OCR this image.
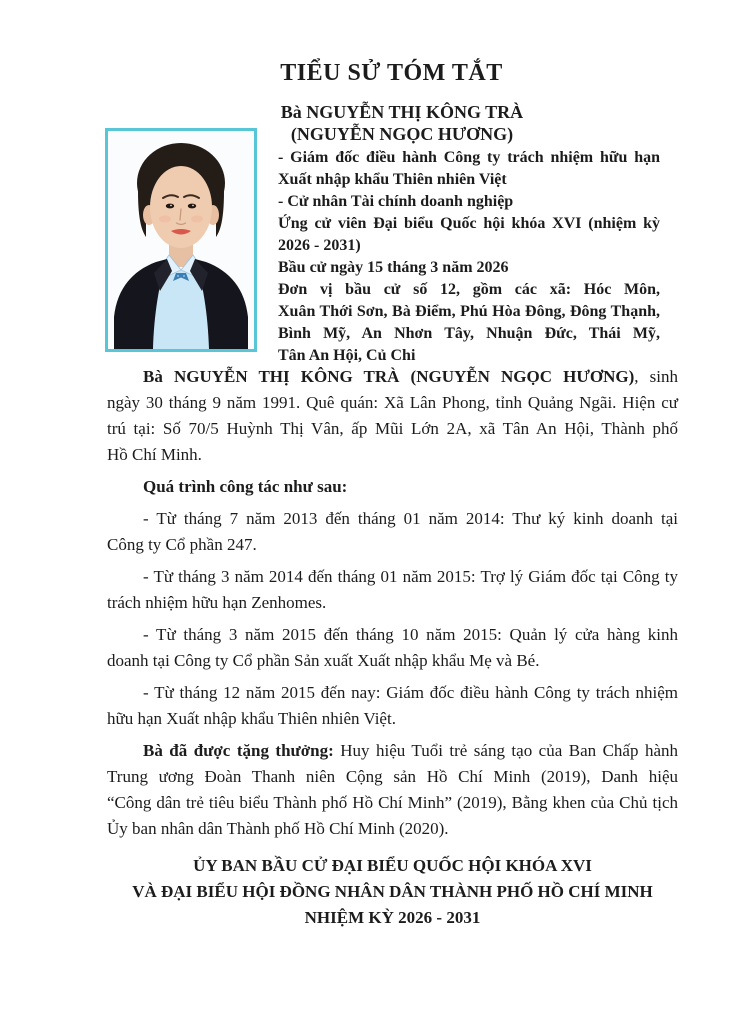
TIỂU SỬ TÓM TẮT
Bà NGUYỄN THỊ KÔNG TRÀ
(NGUYỄN NGỌC HƯƠNG)
- Giám đốc điều hành Công ty trách nhiệm hữu hạn
Xuất nhập khẩu Thiên nhiên Việt
- Cử nhân Tài chính doanh nghiệp
Ứng cử viên Đại biểu Quốc hội khóa XVI (nhiệm kỳ
2026 - 2031)
Bầu cử ngày 15 tháng 3 năm 2026
Đơn vị bầu cử số 12, gồm các xã: Hóc Môn,
Xuân Thới Sơn, Bà Điểm, Phú Hòa Đông, Đông Thạnh,
Bình Mỹ, An Nhơn Tây, Nhuận Đức, Thái Mỹ,
Tân An Hội, Củ Chi
Bà NGUYỄN THỊ KÔNG TRÀ (NGUYỄN NGỌC HƯƠNG), sinh
ngày 30 tháng 9 năm 1991. Quê quán: Xã Lân Phong, tỉnh Quảng Ngãi. Hiện cư
trú tại: Số 70/5 Huỳnh Thị Vân, ấp Mũi Lớn 2A, xã Tân An Hội, Thành phố
Hồ Chí Minh.
Quá trình công tác như sau:
- Từ tháng 7 năm 2013 đến tháng 01 năm 2014: Thư ký kinh doanh tại
Công ty Cổ phần 247.
- Từ tháng 3 năm 2014 đến tháng 01 năm 2015: Trợ lý Giám đốc tại Công ty
trách nhiệm hữu hạn Zenhomes.
- Từ tháng 3 năm 2015 đến tháng 10 năm 2015: Quản lý cửa hàng kinh
doanh tại Công ty Cổ phần Sản xuất Xuất nhập khẩu Mẹ và Bé.
- Từ tháng 12 năm 2015 đến nay: Giám đốc điều hành Công ty trách nhiệm
hữu hạn Xuất nhập khẩu Thiên nhiên Việt.
Bà đã được tặng thưởng: Huy hiệu Tuổi trẻ sáng tạo của Ban Chấp hành
Trung ương Đoàn Thanh niên Cộng sản Hồ Chí Minh (2019), Danh hiệu
“Công dân trẻ tiêu biểu Thành phố Hồ Chí Minh” (2019), Bằng khen của Chủ tịch
Ủy ban nhân dân Thành phố Hồ Chí Minh (2020).
ỦY BAN BẦU CỬ ĐẠI BIỂU QUỐC HỘI KHÓA XVI
VÀ ĐẠI BIỂU HỘI ĐỒNG NHÂN DÂN THÀNH PHỐ HỒ CHÍ MINH
NHIỆM KỲ 2026 - 2031
